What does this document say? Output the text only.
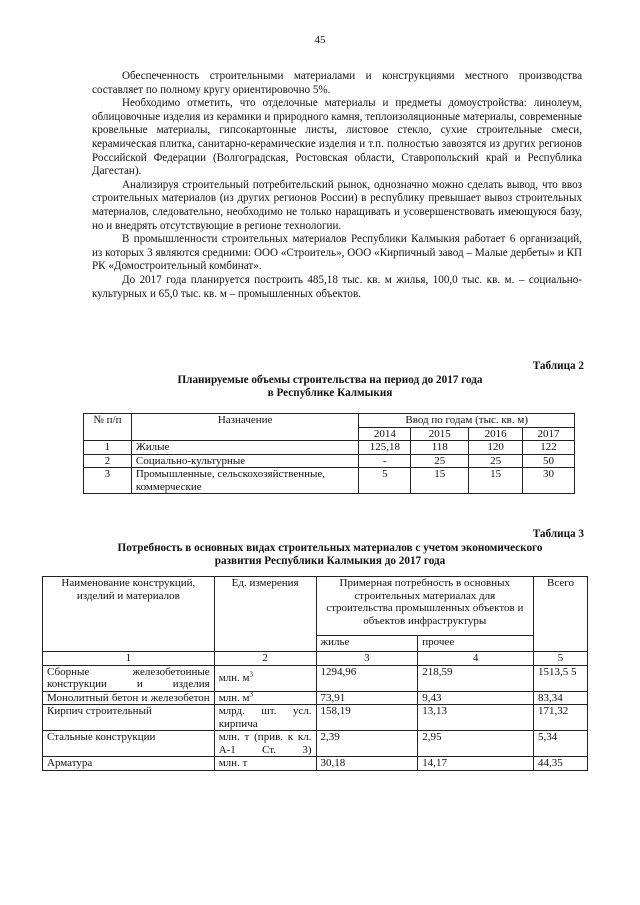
45

Обеспеченность строительными материалами и конструкциями местного производства составляет по полному кругу ориентировочно 5%.

Необходимо отметить, что отделочные материалы и предметы домоустройства: линолеум, облицовочные изделия из керамики и природного камня, теплоизоляционные материалы, современные кровельные материалы, гипсокартонные листы, листовое стекло, сухие строительные смеси, керамическая плитка, санитарно-керамические изделия и т.п. полностью завозятся из других регионов Российской Федерации (Волгоградская, Ростовская области, Ставропольский край и Республика Дагестан).

Анализируя строительный потребительский рынок, однозначно можно сделать вывод, что ввоз строительных материалов (из других регионов России) в республику превышает вывоз строительных материалов, следовательно, необходимо не только наращивать и усовершенствовать имеющуюся базу, но и внедрять отсутствующие в регионе технологии.

В промышленности строительных материалов Республики Калмыкия работает 6 организаций, из которых 3 являются средними: ООО «Строитель», ООО «Кирпичный завод – Малые дербеты» и КП РК «Домостроительный комбинат».

До 2017 года планируется построить 485,18 тыс. кв. м жилья, 100,0 тыс. кв. м. – социально-культурных и 65,0 тыс. кв. м – промышленных объектов.

Таблица 2
Планируемые объемы строительства на период до 2017 года
в Республике Калмыкия
№ п/п	Назначение	Ввод по годам (тыс. кв. м)			
		2014	2015	2016	2017
1	Жилые	125,18	118	120	122
2	Социально-культурные	-	25	25	50
3	Промышленные, сельскохозяйственные, коммерческие	5	15	15	30
Таблица 3
Потребность в основных видах строительных материалов с учетом экономического
развития Республики Калмыкия до 2017 года
Наименование конструкций, изделий и материалов	Ед. измерения	Примерная потребность в основных строительных материалах для строительства промышленных объектов и объектов инфраструктуры		Всего
		жилье	прочее	
1	2	3	4	5
Сборные железобетонные конструкции и изделия	млн. $м^3$	1294,96	218,59	1513,5 5
Монолитный бетон и железобетон	млн. $м^3$	73,91	9,43	83,34
Кирпич строительный	млрд. шт. усл. кирпича	158,19	13,13	171,32
Стальные конструкции	млн. т (прив. к кл. А-1 Ст. 3)	2,39	2,95	5,34
Арматура	млн. т	30,18	14,17	44,35
